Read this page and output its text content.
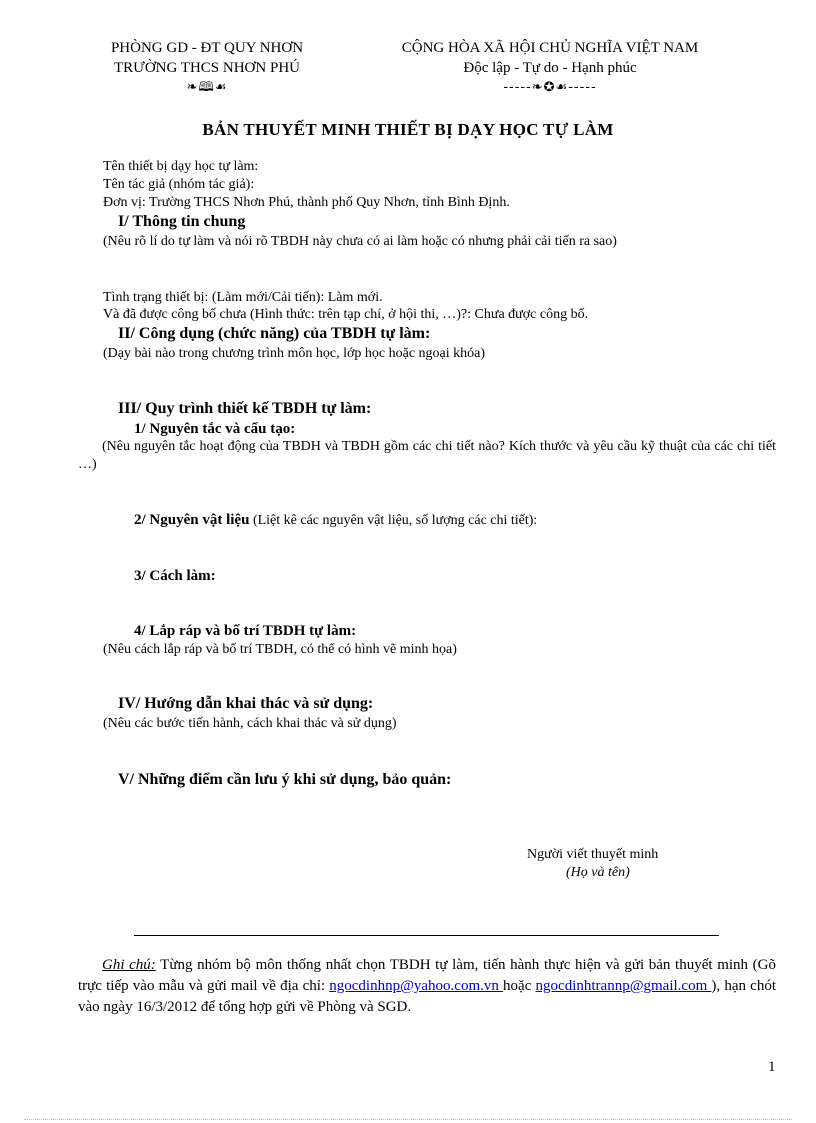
PHÒNG GD - ĐT QUY NHƠN
TRƯỜNG THCS NHƠN PHÚ
❧🕮☙
CỘNG HÒA XÃ HỘI CHỦ NGHĨA VIỆT NAM
Độc lập - Tự do - Hạnh phúc
-----❧✪☙-----
BẢN THUYẾT MINH THIẾT BỊ DẠY HỌC TỰ LÀM
Tên thiết bị dạy học tự làm:
Tên tác giả (nhóm tác giả):
Đơn vị: Trường THCS Nhơn Phú, thành phố Quy Nhơn, tỉnh Bình Định.
I/ Thông tin chung
(Nêu rõ lí do tự làm và nói rõ TBDH này chưa có ai làm hoặc có nhưng phải cải tiến ra sao)
Tình trạng thiết bị: (Làm mới/Cải tiến): Làm mới.
Và đã được công bố chưa (Hình thức: trên tạp chí, ở hội thi, …)?: Chưa được công bố.
II/ Công dụng (chức năng) của TBDH tự làm:
(Dạy bài nào trong chương trình môn học, lớp học hoặc ngoại khóa)
III/ Quy trình thiết kế TBDH tự làm:
1/ Nguyên tắc và cấu tạo:
(Nêu nguyên tắc hoạt động của TBDH và TBDH gồm các chi tiết nào? Kích thước và yêu cầu kỹ thuật của các chi tiết …)
2/ Nguyên vật liệu (Liệt kê các nguyên vật liệu, số lượng các chi tiết):
3/ Cách làm:
4/ Lắp ráp và bố trí TBDH tự làm:
(Nêu cách lắp ráp và bố trí TBDH, có thể có hình vẽ minh họa)
IV/ Hướng dẫn khai thác và sử dụng:
(Nêu các bước tiến hành, cách khai thác và sử dụng)
V/ Những điểm cần lưu ý khi sử dụng, bảo quản:
Người viết thuyết minh
(Họ và tên)
Ghi chú: Từng nhóm bộ môn thống nhất chọn TBDH tự làm, tiến hành thực hiện và gửi bản thuyết minh (Gõ trực tiếp vào mẫu và gửi mail về địa chỉ: ngocdinhnp@yahoo.com.vn hoặc ngocdinhtrannp@gmail.com ), hạn chót vào ngày 16/3/2012 để tổng hợp gửi về Phòng và SGD.
1
